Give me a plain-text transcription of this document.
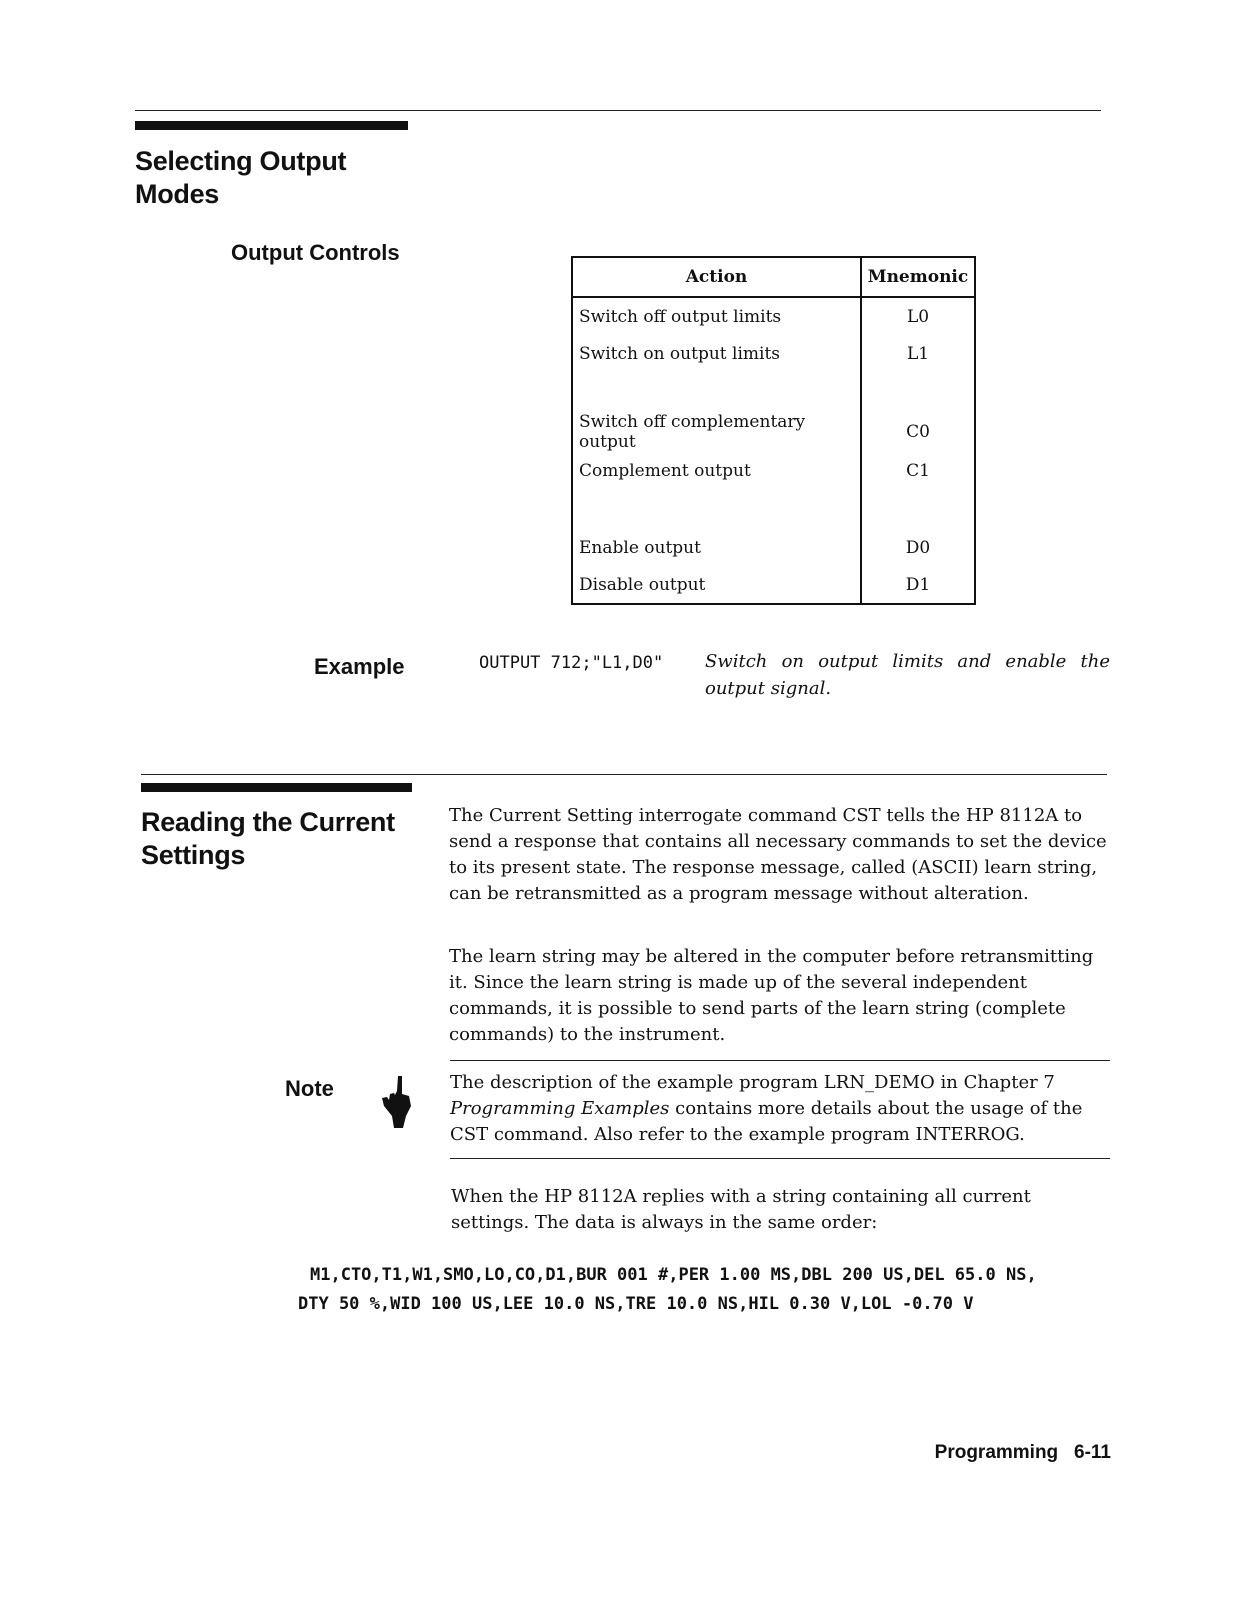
Selecting Output
Modes
Output Controls
Action	Mnemonic
Switch off output limits	L0
Switch on output limits	L1

Switch off complementary output	C0
Complement output	C1

Enable output	D0
Disable output	D1
Example	OUTPUT 712;"L1,D0" Switch on output limits and enable the output signal.
Reading the Current
Settings

The Current Setting interrogate command CST tells the HP 8112A to send a response that contains all necessary commands to set the device to its present state. The response message, called (ASCII) learn string, can be retransmitted as a program message without alteration.

The learn string may be altered in the computer before retransmitting it. Since the learn string is made up of the several independent commands, it is possible to send parts of the learn string (complete commands) to the instrument.

Note	The description of the example program LRN_DEMO in Chapter 7 Programming Examples contains more details about the usage of the CST command. Also refer to the example program INTERROG.

When the HP 8112A replies with a string containing all current settings. The data is always in the same order:

M1,CTO,T1,W1,SMO,LO,CO,D1,BUR 001 #,PER 1.00 MS,DBL 200 US,DEL 65.0 NS,
DTY 50 %,WID 100 US,LEE 10.0 NS,TRE 10.0 NS,HIL 0.30 V,LOL -0.70 V
Programming 6-11
